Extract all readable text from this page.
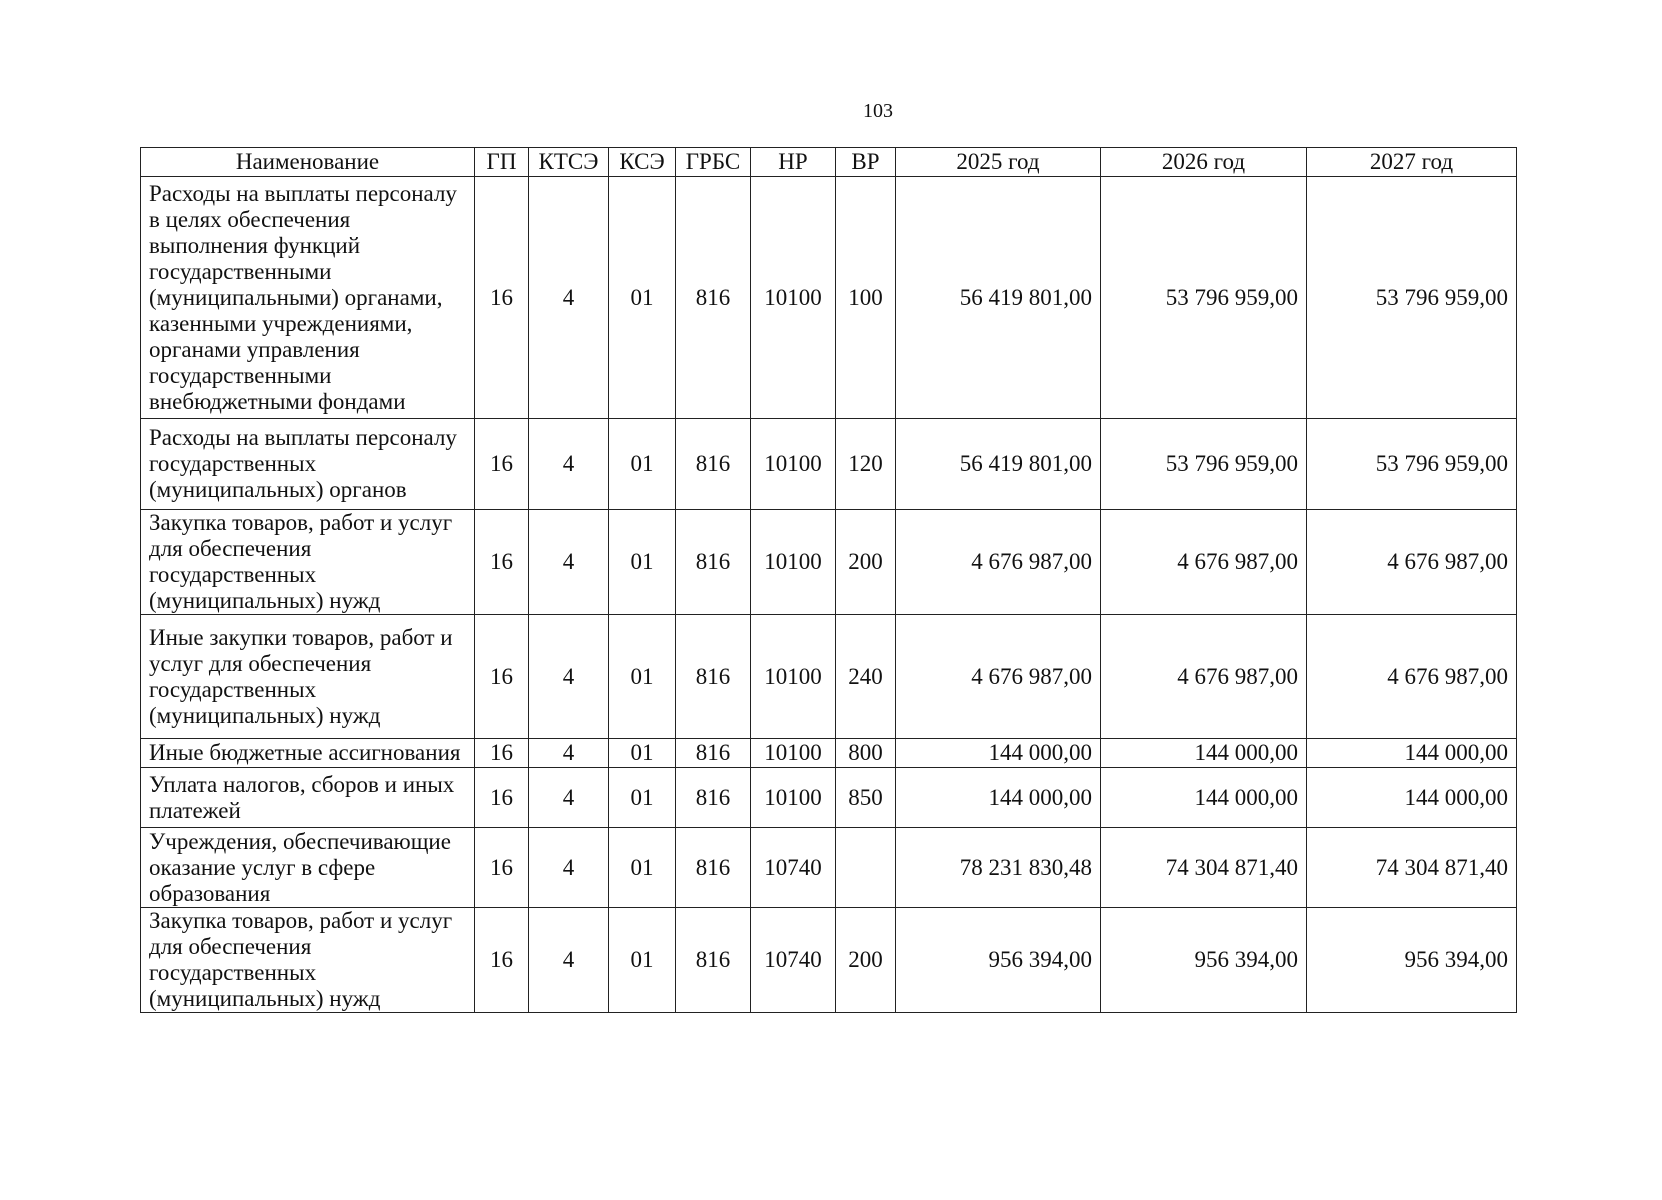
103
Наименование	ГП	КТСЭ	КСЭ	ГРБС	НР	ВР	2025 год	2026 год	2027 год
Расходы на выплаты персоналу в целях обеспечения выполнения функций государственными (муниципальными) органами, казенными учреждениями, органами управления государственными внебюджетными фондами	16	4	01	816	10100	100	56 419 801,00	53 796 959,00	53 796 959,00
Расходы на выплаты персоналу государственных (муниципальных) органов	16	4	01	816	10100	120	56 419 801,00	53 796 959,00	53 796 959,00
Закупка товаров, работ и услуг для обеспечения государственных (муниципальных) нужд	16	4	01	816	10100	200	4 676 987,00	4 676 987,00	4 676 987,00
Иные закупки товаров, работ и услуг для обеспечения государственных (муниципальных) нужд	16	4	01	816	10100	240	4 676 987,00	4 676 987,00	4 676 987,00
Иные бюджетные ассигнования	16	4	01	816	10100	800	144 000,00	144 000,00	144 000,00
Уплата налогов, сборов и иных платежей	16	4	01	816	10100	850	144 000,00	144 000,00	144 000,00
Учреждения, обеспечивающие оказание услуг в сфере образования	16	4	01	816	10740		78 231 830,48	74 304 871,40	74 304 871,40
Закупка товаров, работ и услуг для обеспечения государственных (муниципальных) нужд	16	4	01	816	10740	200	956 394,00	956 394,00	956 394,00
